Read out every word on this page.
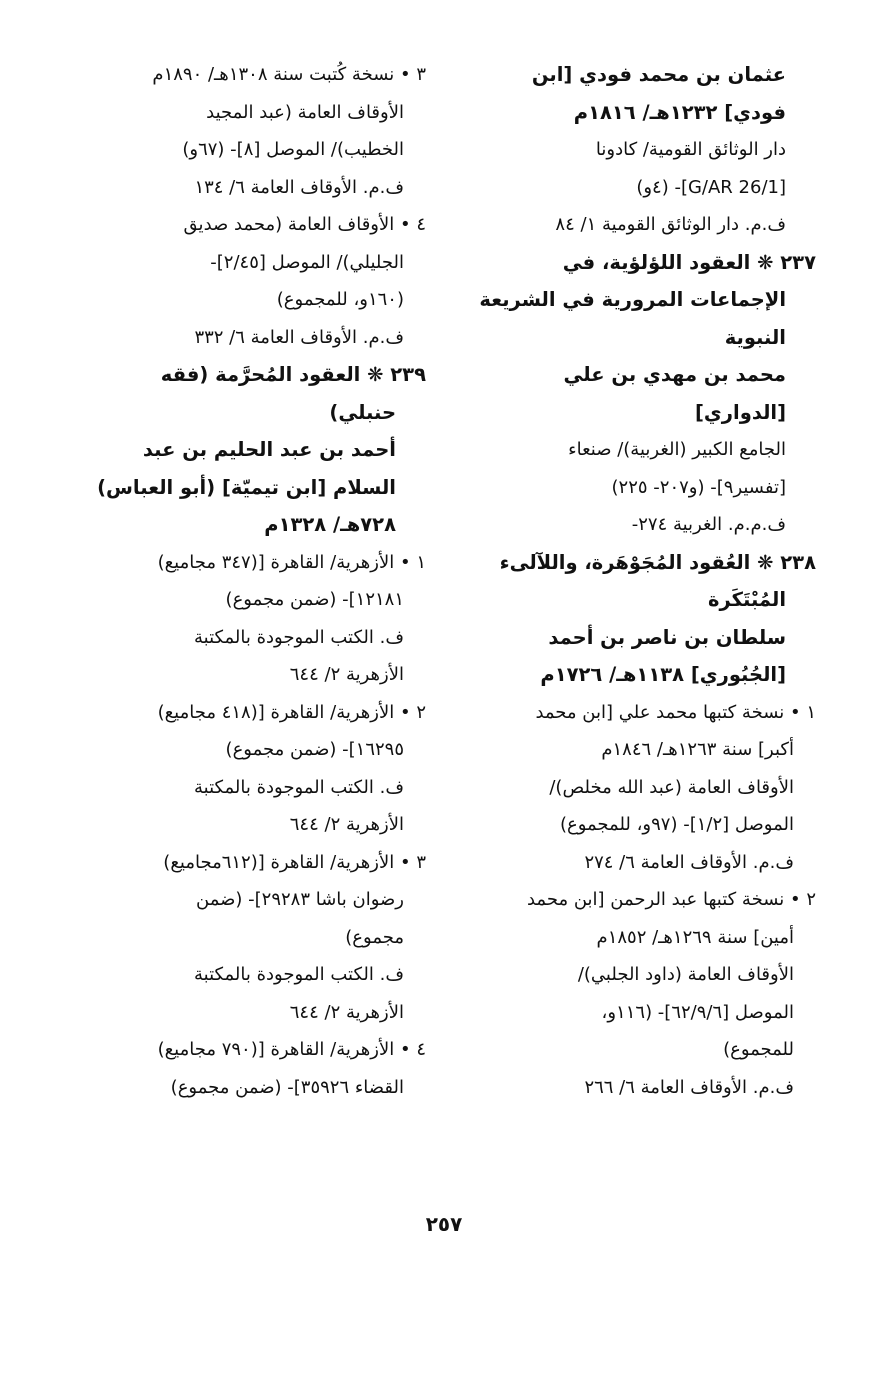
عثمان بن محمد فودي [ابن
فودي] ١٢٣٢هـ/ ١٨١٦م
دار الوثائق القومية/ كادونا
[G/AR 26/1]- (٤و)
ف.م. دار الوثائق القومية ١/ ٨٤
٢٣٧ ❋ العقود اللؤلؤية، في
الإجماعات المرورية في الشريعة
النبوية
محمد بن مهدي بن علي
[الدواري]
الجامع الكبير (الغربية)/ صنعاء
[تفسير٩]- (و٢٠٧- ٢٢٥)
ف.م.م. الغربية ٢٧٤-
٢٣٨ ❋ العُقود المُجَوْهَرة، واللآلىء
المُبْتَكَرة
سلطان بن ناصر بن أحمد
[الجُبُوري] ١١٣٨هـ/ ١٧٢٦م
١ • نسخة كتبها محمد علي [ابن محمد
أكبر] سنة ١٢٦٣هـ/ ١٨٤٦م
الأوقاف العامة (عبد الله مخلص)/
الموصل [١/٢]- (٩٧و، للمجموع)
ف.م. الأوقاف العامة ٦/ ٢٧٤
٢ • نسخة كتبها عبد الرحمن [ابن محمد
أمين] سنة ١٢٦٩هـ/ ١٨٥٢م
الأوقاف العامة (داود الجلبي)/
الموصل [٦٢/٩/٦]- (١١٦و،
للمجموع)
ف.م. الأوقاف العامة ٦/ ٢٦٦
٣ • نسخة كُتبت سنة ١٣٠٨هـ/ ١٨٩٠م
الأوقاف العامة (عبد المجيد
الخطيب)/ الموصل [٨]- (٦٧و)
ف.م. الأوقاف العامة ٦/ ١٣٤
٤ • الأوقاف العامة (محمد صديق
الجليلي)/ الموصل [٢/٤٥]-
(١٦٠و، للمجموع)
ف.م. الأوقاف العامة ٦/ ٣٣٢
٢٣٩ ❋ العقود المُحرَّمة (فقه
حنبلي)
أحمد بن عبد الحليم بن عبد
السلام [ابن تيميّة] (أبو العباس)
٧٢٨هـ/ ١٣٢٨م
١ • الأزهرية/ القاهرة [(٣٤٧ مجاميع)
١٢١٨١]- (ضمن مجموع)
ف. الكتب الموجودة بالمكتبة
الأزهرية ٢/ ٦٤٤
٢ • الأزهرية/ القاهرة [(٤١٨ مجاميع)
١٦٢٩٥]- (ضمن مجموع)
ف. الكتب الموجودة بالمكتبة
الأزهرية ٢/ ٦٤٤
٣ • الأزهرية/ القاهرة [(٦١٢مجاميع)
رضوان باشا ٢٩٢٨٣]- (ضمن
مجموع)
ف. الكتب الموجودة بالمكتبة
الأزهرية ٢/ ٦٤٤
٤ • الأزهرية/ القاهرة [(٧٩٠ مجاميع)
القضاء ٣٥٩٢٦]- (ضمن مجموع)
٢٥٧
